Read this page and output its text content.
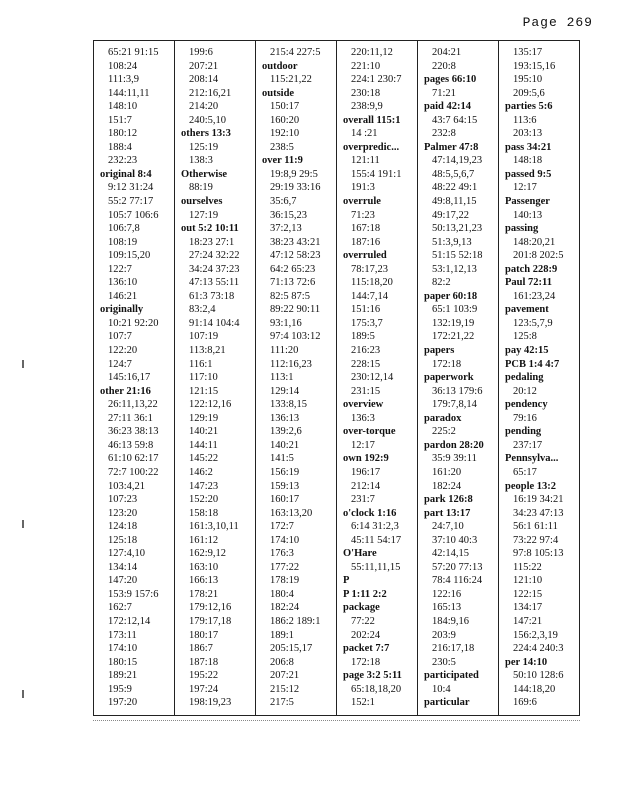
Page 269
65:21 91:15
108:24
111:3,9
144:11,11
148:10
151:7
180:12
188:4
232:23
original 8:4
9:12 31:24
55:2 77:17
105:7 106:6
106:7,8
108:19
109:15,20
122:7
136:10
146:21
originally
10:21 92:20
107:7
122:20
124:7
145:16,17
other 21:16
26:11,13,22
27:11 36:1
36:23 38:13
46:13 59:8
61:10 62:17
72:7 100:22
103:4,21
107:23
123:20
124:18
125:18
127:4,10
134:14
147:20
153:9 157:6
162:7
172:12,14
173:11
174:10
180:15
189:21
195:9
197:20
199:6
207:21
208:14
212:16,21
214:20
240:5,10
others 13:3
125:19
138:3
Otherwise
88:19
ourselves
127:19
out 5:2 10:11
18:23 27:1
27:24 32:22
34:24 37:23
47:13 55:11
61:3 73:18
83:2,4
91:14 104:4
107:19
113:8,21
116:1
117:10
121:15
122:12,16
129:19
140:21
144:11
145:22
146:2
147:23
152:20
158:18
161:3,10,11
161:12
162:9,12
163:10
166:13
178:21
179:12,16
179:17,18
180:17
186:7
187:18
195:22
197:24
198:19,23
215:4 227:5
outdoor
115:21,22
outside
150:17
160:20
192:10
238:5
over 11:9
19:8,9 29:5
29:19 33:16
35:6,7
36:15,23
37:2,13
38:23 43:21
47:12 58:23
64:2 65:23
71:13 72:6
82:5 87:5
89:22 90:11
93:1,16
97:4 103:12
111:20
112:16,23
113:1
129:14
133:8,15
136:13
139:2,6
140:21
141:5
156:19
159:13
160:17
163:13,20
172:7
174:10
176:3
177:22
178:19
180:4
182:24
186:2 189:1
189:1
205:15,17
206:8
207:21
215:12
217:5
220:11,12
221:10
224:1 230:7
230:18
238:9,9
overall 115:1
14 :21
overpredic...
121:11
155:4 191:1
191:3
overrule
71:23
167:18
187:16
overruled
78:17,23
115:18,20
144:7,14
151:16
175:3,7
189:5
216:23
228:15
230:12,14
231:15
overview
136:3
over-torque
12:17
own 192:9
196:17
212:14
231:7
o'clock 1:16
6:14 31:2,3
45:11 54:17
O'Hare
55:11,11,15
P
P 1:11 2:2
package
77:22
202:24
packet 7:7
172:18
page 3:2 5:11
65:18,18,20
152:1
204:21
220:8
pages 66:10
71:21
paid 42:14
43:7 64:15
232:8
Palmer 47:8
47:14,19,23
48:5,5,6,7
48:22 49:1
49:8,11,15
49:17,22
50:13,21,23
51:3,9,13
51:15 52:18
53:1,12,13
82:2
paper 60:18
65:1 103:9
132:19,19
172:21,22
papers
172:18
paperwork
36:13 179:6
179:7,8,14
paradox
225:2
pardon 28:20
35:9 39:11
161:20
182:24
park 126:8
part 13:17
24:7,10
37:10 40:3
42:14,15
57:20 77:13
78:4 116:24
122:16
165:13
184:9,16
203:9
216:17,18
230:5
participated
10:4
particular
135:17
193:15,16
195:10
209:5,6
parties 5:6
113:6
203:13
pass 34:21
148:18
passed 9:5
12:17
Passenger
140:13
passing
148:20,21
201:8 202:5
patch 228:9
Paul 72:11
161:23,24
pavement
123:5,7,9
125:8
pay 42:15
PCB 1:4 4:7
pedaling
20:12
pendency
79:16
pending
237:17
Pennsylva...
65:17
people 13:2
16:19 34:21
34:23 47:13
56:1 61:11
73:22 97:4
97:8 105:13
115:22
121:10
122:15
134:17
147:21
156:2,3,19
224:4 240:3
per 14:10
50:10 128:6
144:18,20
169:6
